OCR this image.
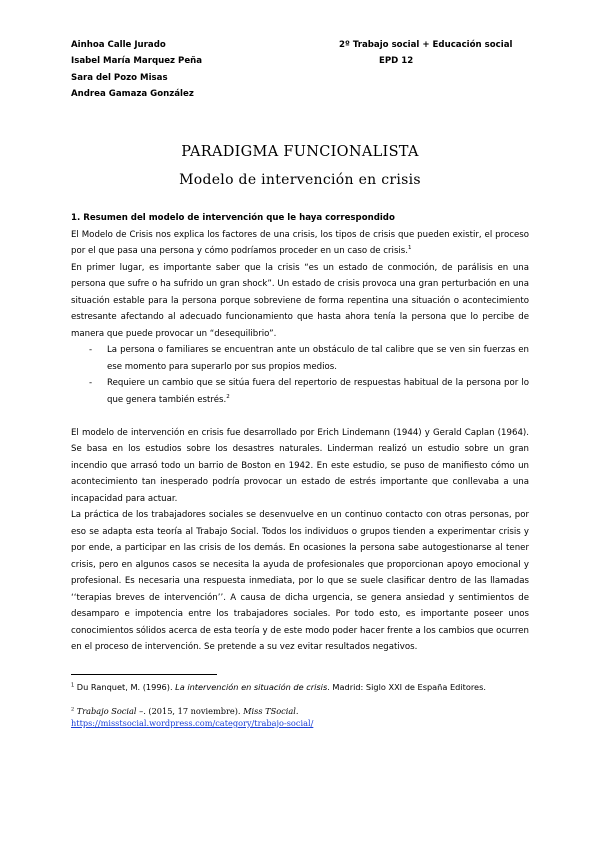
Ainhoa Calle Jurado
Isabel María Marquez Peña
Sara del Pozo Misas
Andrea Gamaza González
2º Trabajo social + Educación social
EPD 12
PARADIGMA FUNCIONALISTA
Modelo de intervención en crisis

1. Resumen del modelo de intervención que le haya correspondido

El Modelo de Crisis nos explica los factores de una crisis, los tipos de crisis que pueden existir, el proceso por el que pasa una persona y cómo podríamos proceder en un caso de crisis.$^1$

En primer lugar, es importante saber que la crisis “es un estado de conmoción, de parálisis en una persona que sufre o ha sufrido un gran shock”. Un estado de crisis provoca una gran perturbación en una situación estable para la persona porque sobreviene de forma repentina una situación o acontecimiento estresante afectando al adecuado funcionamiento que hasta ahora tenía la persona que lo percibe de manera que puede provocar un “desequilibrio”.

- La persona o familiares se encuentran ante un obstáculo de tal calibre que se ven sin fuerzas en ese momento para superarlo por sus propios medios.
- Requiere un cambio que se sitúa fuera del repertorio de respuestas habitual de la persona por lo que genera también estrés.$^2$

El modelo de intervención en crisis fue desarrollado por Erich Lindemann (1944) y Gerald Caplan (1964). Se basa en los estudios sobre los desastres naturales. Linderman realizó un estudio sobre un gran incendio que arrasó todo un barrio de Boston en 1942. En este estudio, se puso de manifiesto cómo un acontecimiento tan inesperado podría provocar un estado de estrés importante que conllevaba a una incapacidad para actuar.

La práctica de los trabajadores sociales se desenvuelve en un continuo contacto con otras personas, por eso se adapta esta teoría al Trabajo Social. Todos los individuos o grupos tienden a experimentar crisis y por ende, a participar en las crisis de los demás. En ocasiones la persona sabe autogestionarse al tener crisis, pero en algunos casos se necesita la ayuda de profesionales que proporcionan apoyo emocional y profesional. Es necesaria una respuesta inmediata, por lo que se suele clasificar dentro de las llamadas ‘‘terapias breves de intervención’’. A causa de dicha urgencia, se genera ansiedad y sentimientos de desamparo e impotencia entre los trabajadores sociales. Por todo esto, es importante poseer unos conocimientos sólidos acerca de esta teoría y de este modo poder hacer frente a los cambios que ocurren en el proceso de intervención. Se pretende a su vez evitar resultados negativos.

$^1$ Du Ranquet, M. (1996). La intervención en situación de crisis. Madrid: Siglo XXI de España Editores.
$^2$ Trabajo Social –. (2015, 17 noviembre). Miss TSocial.
https://misstsocial.wordpress.com/category/trabajo-social/
